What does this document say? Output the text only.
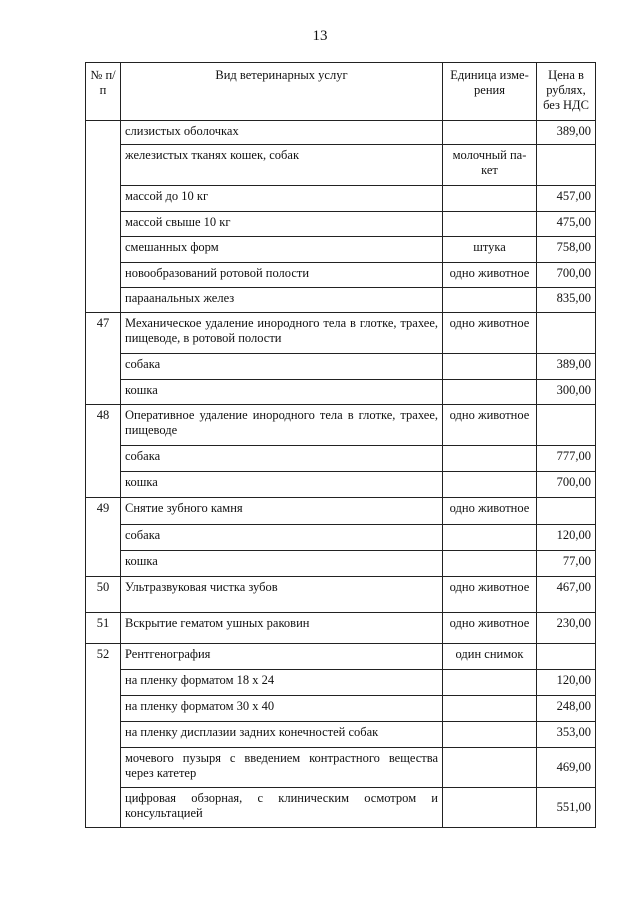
13
№ п/п	Вид ветеринарных услуг	Единица изме-рения	Цена в рублях, без НДС
	слизистых оболочках		389,00
	железистых тканях кошек, собак	молочный па-кет	
	массой до 10 кг		457,00
	массой свыше 10 кг		475,00
	смешанных форм	штука	758,00
	новообразований ротовой полости	одно животное	700,00
	параанальных желез		835,00
47	Механическое удаление инородного тела в глотке, трахее, пищеводе, в ротовой полости	одно животное	
	собака		389,00
	кошка		300,00
48	Оперативное удаление инородного тела в глотке, трахее, пищеводе	одно животное	
	собака		777,00
	кошка		700,00
49	Снятие зубного камня	одно животное	
	собака		120,00
	кошка		77,00
50	Ультразвуковая чистка зубов	одно животное	467,00
51	Вскрытие гематом ушных раковин	одно животное	230,00
52	Рентгенография	один снимок	
	на пленку форматом 18 х 24		120,00
	на пленку форматом 30 х 40		248,00
	на пленку дисплазии задних конечностей собак		353,00
	мочевого пузыря с введением контрастного вещества через катетер		469,00
	цифровая обзорная, с клиническим осмотром и консультацией		551,00
